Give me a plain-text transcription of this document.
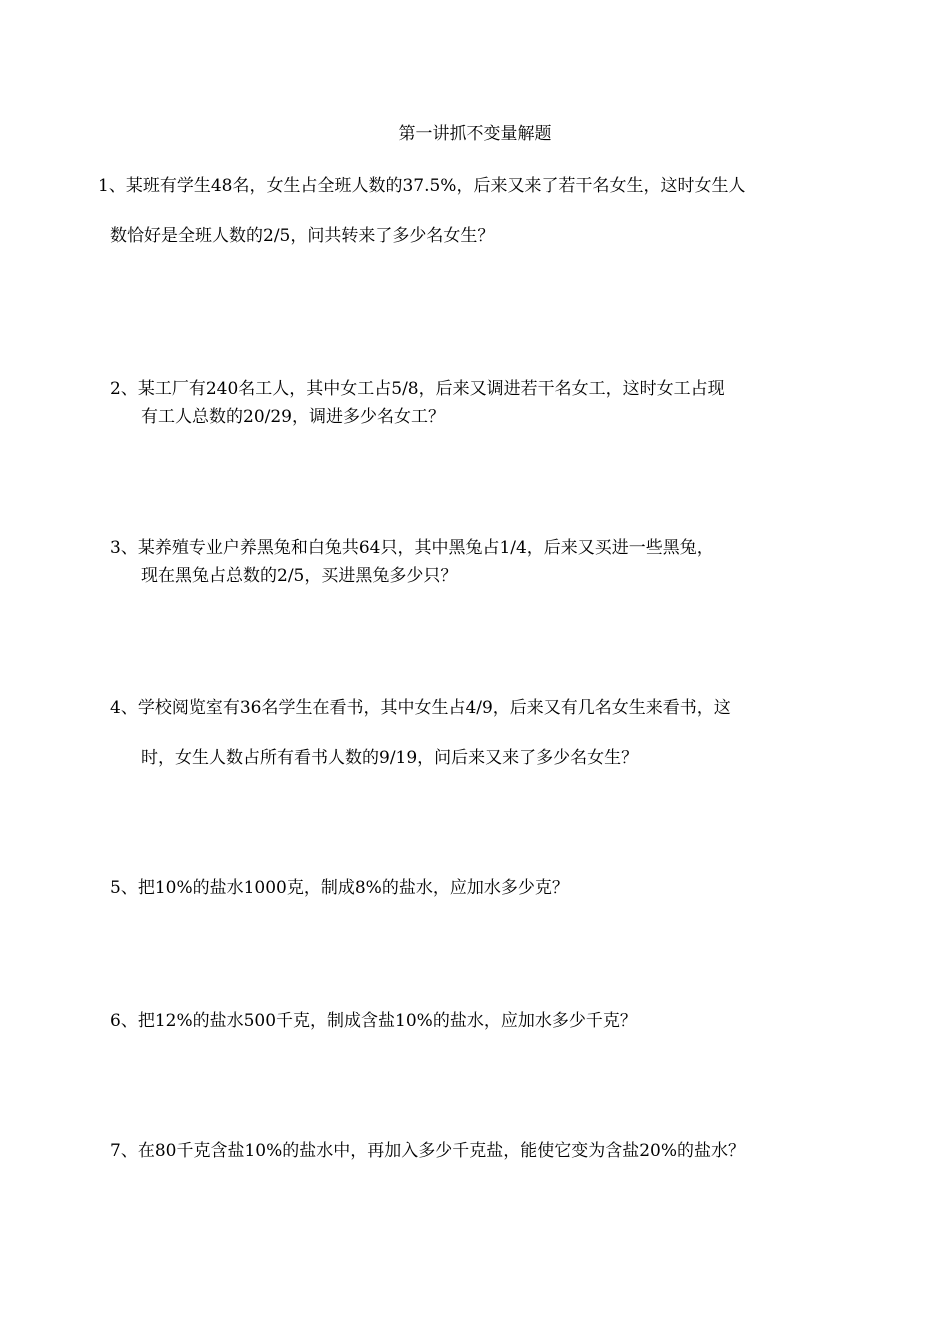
第一讲抓不变量解题
1、某班有学生48名，女生占全班人数的37.5%，后来又来了若干名女生，这时女生人
数恰好是全班人数的2/5，问共转来了多少名女生？
2、某工厂有240名工人，其中女工占5/8，后来又调进若干名女工，这时女工占现
有工人总数的20/29，调进多少名女工？
3、某养殖专业户养黑兔和白兔共64只，其中黑兔占1/4，后来又买进一些黑兔，
现在黑兔占总数的2/5，买进黑兔多少只？
4、学校阅览室有36名学生在看书，其中女生占4/9，后来又有几名女生来看书，这
时，女生人数占所有看书人数的9/19，问后来又来了多少名女生？
5、把10%的盐水1000克，制成8%的盐水，应加水多少克？
6、把12%的盐水500千克，制成含盐10%的盐水，应加水多少千克？
7、在80千克含盐10%的盐水中，再加入多少千克盐，能使它变为含盐20%的盐水？
